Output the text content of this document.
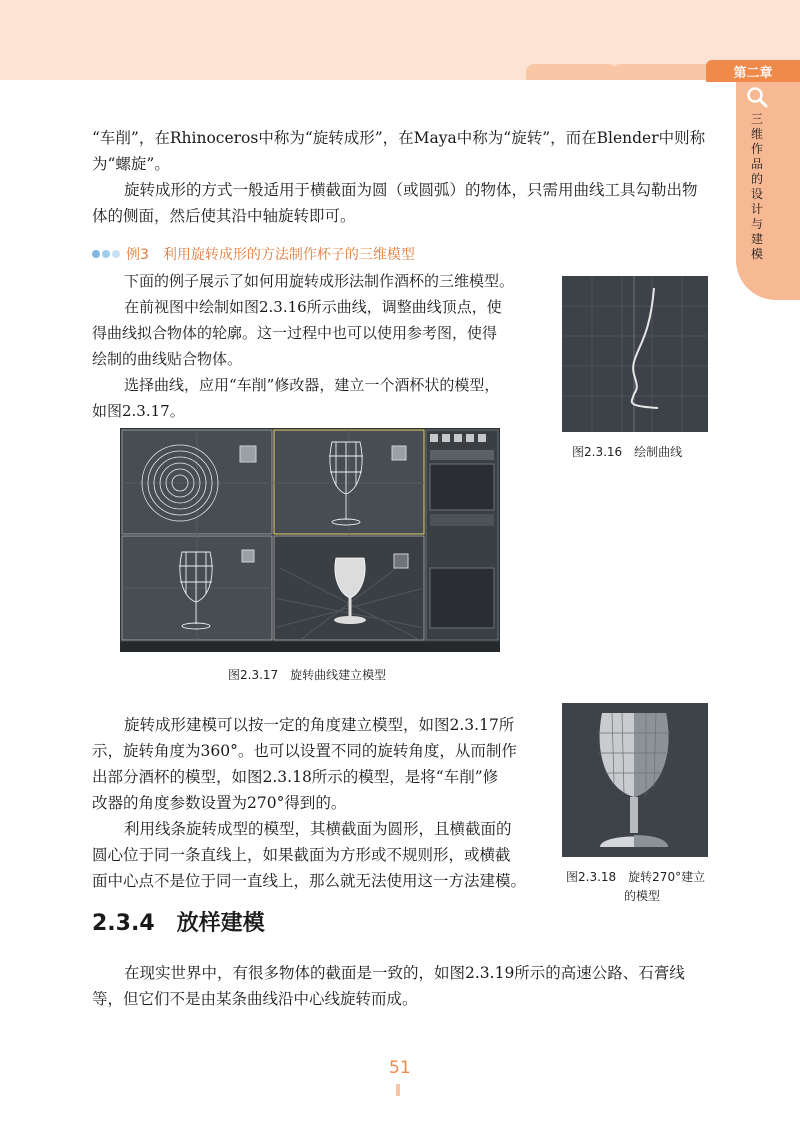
第二章
三维作品的设计与建模

“车削”，在Rhinoceros中称为“旋转成形”，在Maya中称为“旋转”，而在Blender中则称

为“螺旋”。

旋转成形的方式一般适用于横截面为圆（或圆弧）的物体，只需用曲线工具勾勒出物

体的侧面，然后使其沿中轴旋转即可。

例3　利用旋转成形的方法制作杯子的三维模型

下面的例子展示了如何用旋转成形法制作酒杯的三维模型。

在前视图中绘制如图2.3.16所示曲线，调整曲线顶点，使

得曲线拟合物体的轮廓。这一过程中也可以使用参考图，使得

绘制的曲线贴合物体。

选择曲线，应用“车削”修改器，建立一个酒杯状的模型，

如图2.3.17。

图2.3.16　绘制曲线
图2.3.17　旋转曲线建立模型

旋转成形建模可以按一定的角度建立模型，如图2.3.17所

示，旋转角度为360°。也可以设置不同的旋转角度，从而制作

出部分酒杯的模型，如图2.3.18所示的模型，是将“车削”修

改器的角度参数设置为270°得到的。

利用线条旋转成型的模型，其横截面为圆形，且横截面的

圆心位于同一条直线上，如果截面为方形或不规则形，或横截

面中心点不是位于同一直线上，那么就无法使用这一方法建模。	图2.3.18　旋转270°建立
的模型
2.3.4　放样建模

在现实世界中，有很多物体的截面是一致的，如图2.3.19所示的高速公路、石膏线

等，但它们不是由某条曲线沿中心线旋转而成。

51
